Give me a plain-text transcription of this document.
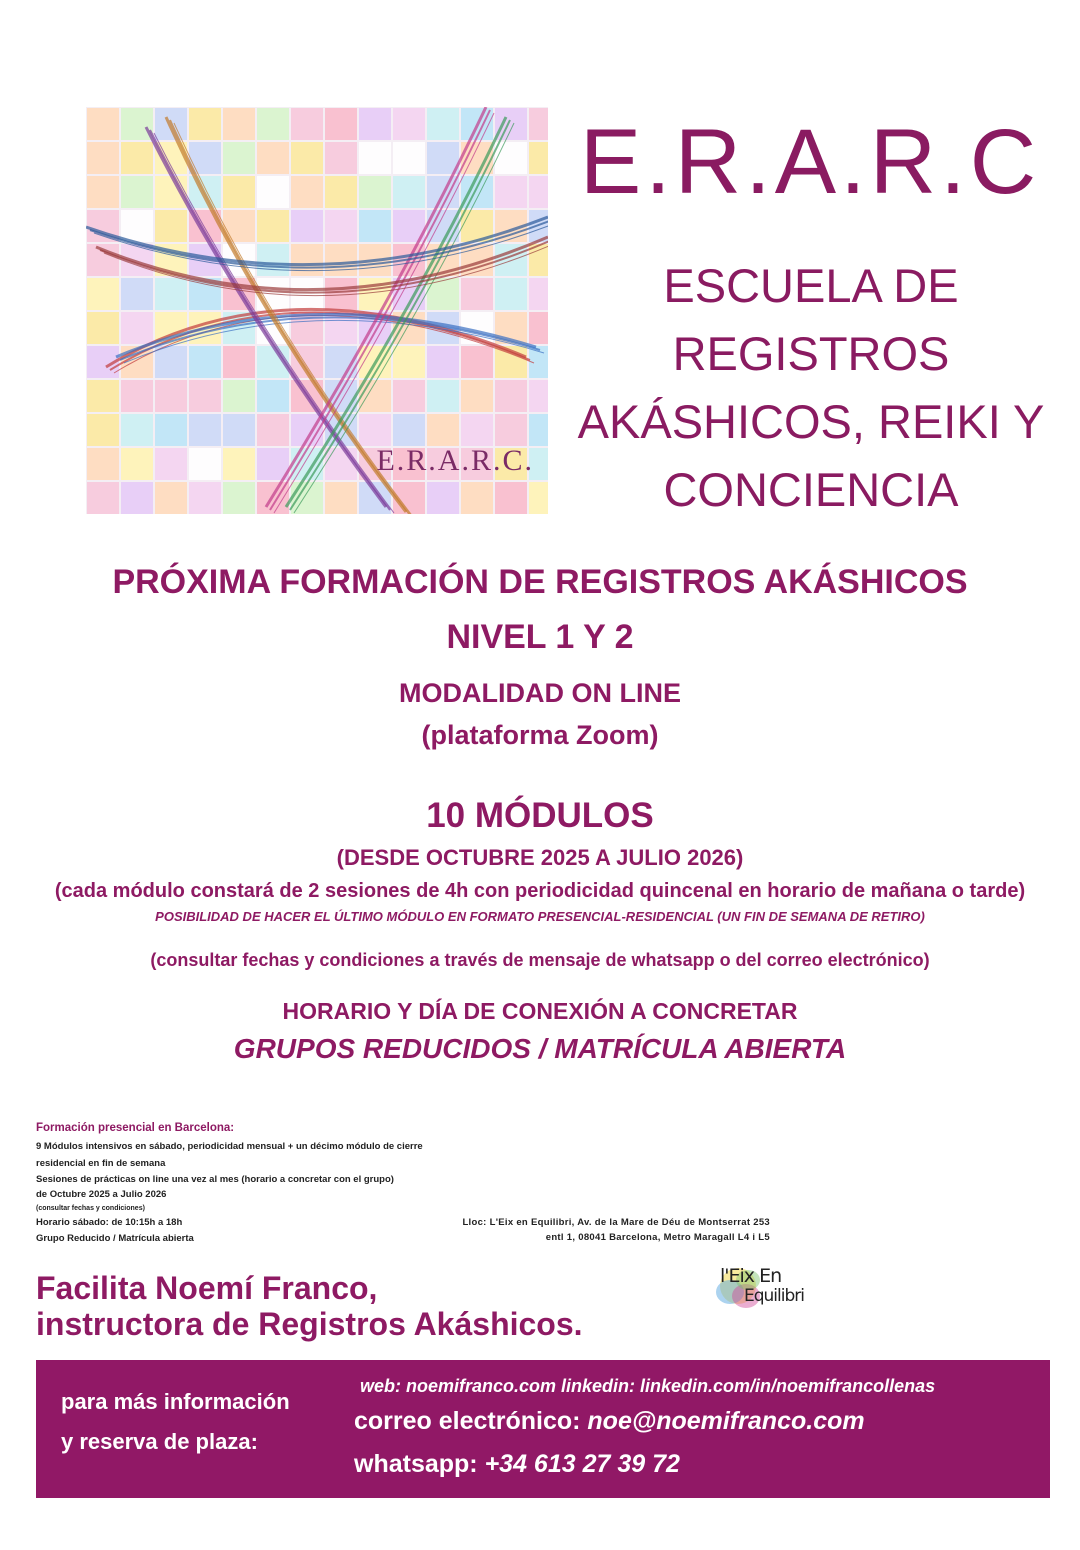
E.R.A.R.C.
E.R.A.R.C
ESCUELA DE
REGISTROS
AKÁSHICOS, REIKI Y
CONCIENCIA
PRÓXIMA FORMACIÓN DE REGISTROS AKÁSHICOS
NIVEL 1 Y 2
MODALIDAD ON LINE
(plataforma Zoom)
10 MÓDULOS
(DESDE OCTUBRE 2025 A JULIO 2026)
(cada módulo constará de 2 sesiones de 4h con periodicidad quincenal en horario de mañana o tarde)
POSIBILIDAD DE HACER EL ÚLTIMO MÓDULO EN FORMATO PRESENCIAL-RESIDENCIAL (UN FIN DE SEMANA DE RETIRO)
(consultar fechas y condiciones a través de mensaje de whatsapp o del correo electrónico)
HORARIO Y DÍA DE CONEXIÓN A CONCRETAR
GRUPOS REDUCIDOS / MATRÍCULA ABIERTA
Formación presencial en Barcelona:
9 Módulos intensivos en sábado, periodicidad mensual + un décimo módulo de cierre
residencial en fin de semana
Sesiones de prácticas on line una vez al mes (horario a concretar con el grupo)
de Octubre 2025 a Julio 2026
(consultar fechas y condiciones)
Horario sábado: de 10:15h a 18h
Grupo Reducido / Matrícula abierta
Lloc: L'Eix en Equilibri, Av. de la Mare de Déu de Montserrat 253
entl 1, 08041 Barcelona, Metro Maragall L4 i L5
Facilita Noemí Franco,
instructora de Registros Akáshicos.
l'Eix En
Equilibri
para más información
y reserva de plaza:
web: noemifranco.com linkedin: linkedin.com/in/noemifrancollenas
correo electrónico: noe@noemifranco.com
whatsapp: +34 613 27 39 72
